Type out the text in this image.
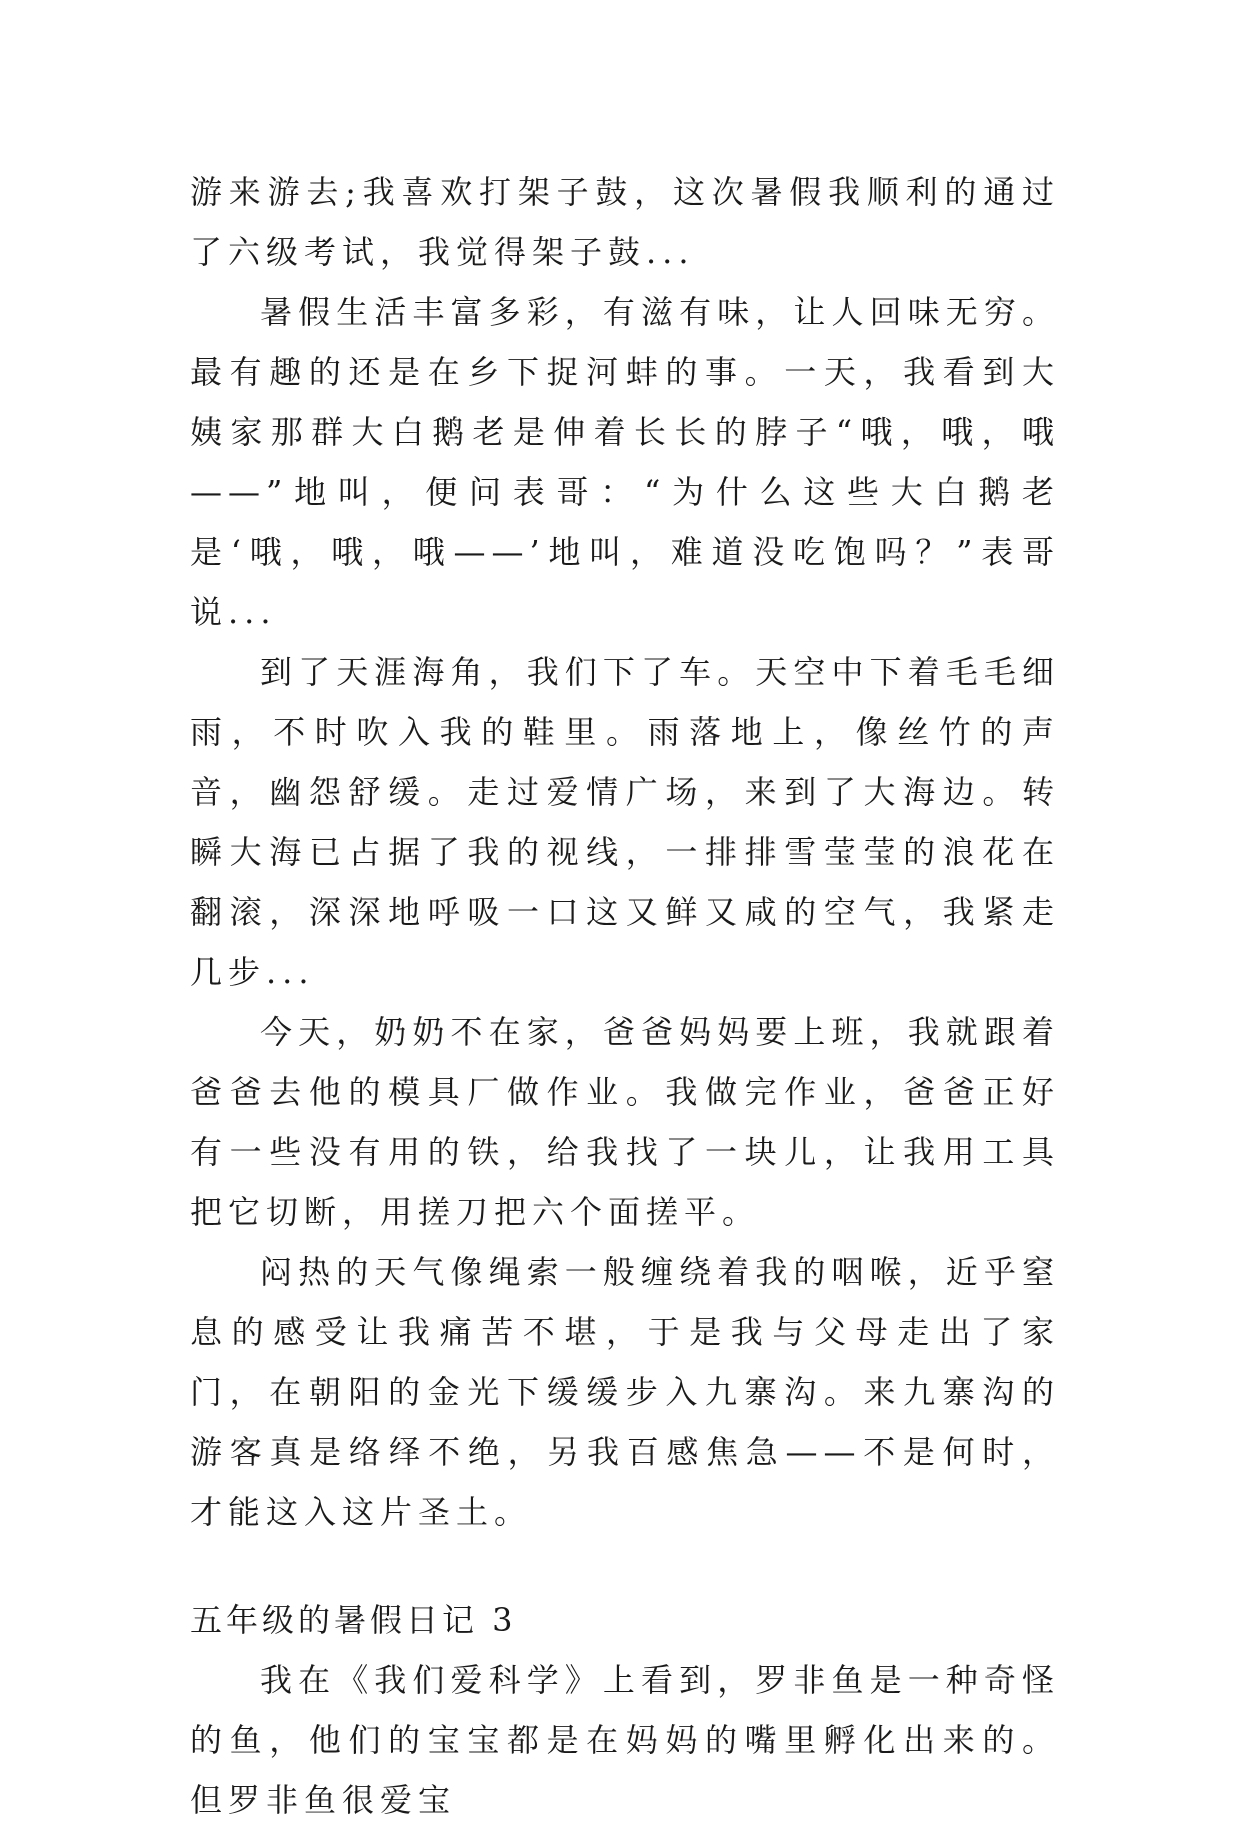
游来游去;我喜欢打架子鼓，这次暑假我顺利的通过了六级考试，我觉得架子鼓...

暑假生活丰富多彩，有滋有味，让人回味无穷。最有趣的还是在乡下捉河蚌的事。一天，我看到大姨家那群大白鹅老是伸着长长的脖子“哦，哦，哦——”地叫，便问表哥：“为什么这些大白鹅老是‘哦，哦，哦——’地叫，难道没吃饱吗？”表哥说...

到了天涯海角，我们下了车。天空中下着毛毛细雨，不时吹入我的鞋里。雨落地上，像丝竹的声音，幽怨舒缓。走过爱情广场，来到了大海边。转瞬大海已占据了我的视线，一排排雪莹莹的浪花在翻滚，深深地呼吸一口这又鲜又咸的空气，我紧走几步...

今天，奶奶不在家，爸爸妈妈要上班，我就跟着爸爸去他的模具厂做作业。我做完作业，爸爸正好有一些没有用的铁，给我找了一块儿，让我用工具把它切断，用搓刀把六个面搓平。

闷热的天气像绳索一般缠绕着我的咽喉，近乎窒息的感受让我痛苦不堪，于是我与父母走出了家门，在朝阳的金光下缓缓步入九寨沟。来九寨沟的游客真是络绎不绝，另我百感焦急——不是何时，才能这入这片圣土。

五年级的暑假日记 3

我在《我们爱科学》上看到，罗非鱼是一种奇怪的鱼，他们的宝宝都是在妈妈的嘴里孵化出来的。但罗非鱼很爱宝
